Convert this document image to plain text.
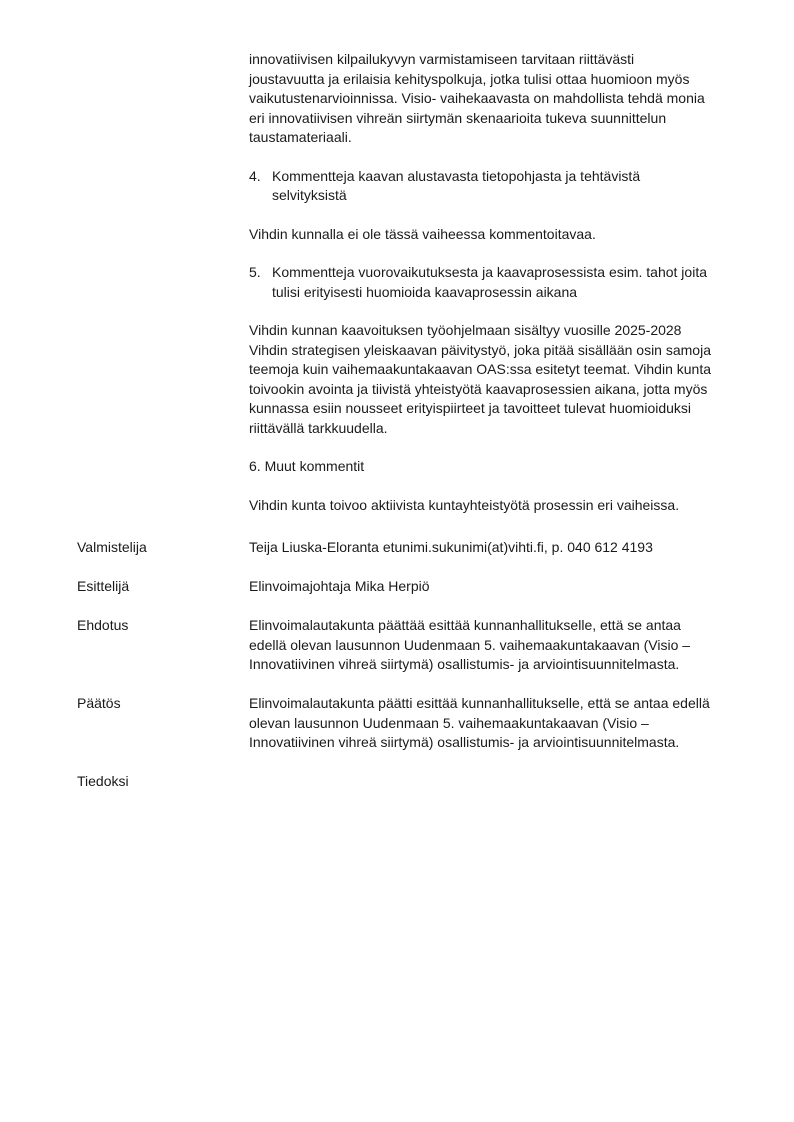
innovatiivisen kilpailukyvyn varmistamiseen tarvitaan riittävästi

joustavuutta ja erilaisia kehityspolkuja, jotka tulisi ottaa huomioon myös

vaikutustenarvioinnissa. Visio- vaihekaavasta on mahdollista tehdä monia

eri innovatiivisen vihreän siirtymän skenaarioita tukeva suunnittelun

taustamateriaali.

4. Kommentteja kaavan alustavasta tietopohjasta ja tehtävistä

selvityksistä

Vihdin kunnalla ei ole tässä vaiheessa kommentoitavaa.

5. Kommentteja vuorovaikutuksesta ja kaavaprosessista esim. tahot joita

tulisi erityisesti huomioida kaavaprosessin aikana

Vihdin kunnan kaavoituksen työohjelmaan sisältyy vuosille 2025-2028

Vihdin strategisen yleiskaavan päivitystyö, joka pitää sisällään osin samoja

teemoja kuin vaihemaakuntakaavan OAS:ssa esitetyt teemat. Vihdin kunta

toivookin avointa ja tiivistä yhteistyötä kaavaprosessien aikana, jotta myös

kunnassa esiin nousseet erityispiirteet ja tavoitteet tulevat huomioiduksi

riittävällä tarkkuudella.

6. Muut kommentit

Vihdin kunta toivoo aktiivista kuntayhteistyötä prosessin eri vaiheissa.

Valmistelija	Teija Liuska-Eloranta etunimi.sukunimi(at)vihti.fi, p. 040 612 4193
Esittelijä	Elinvoimajohtaja Mika Herpiö
Ehdotus	Elinvoimalautakunta päättää esittää kunnanhallitukselle, että se antaa

edellä olevan lausunnon Uudenmaan 5. vaihemaakuntakaavan (Visio –

Innovatiivinen vihreä siirtymä) osallistumis- ja arviointisuunnitelmasta.

Päätös	Elinvoimalautakunta päätti esittää kunnanhallitukselle, että se antaa edellä

olevan lausunnon Uudenmaan 5. vaihemaakuntakaavan (Visio –

Innovatiivinen vihreä siirtymä) osallistumis- ja arviointisuunnitelmasta.

Tiedoksi
